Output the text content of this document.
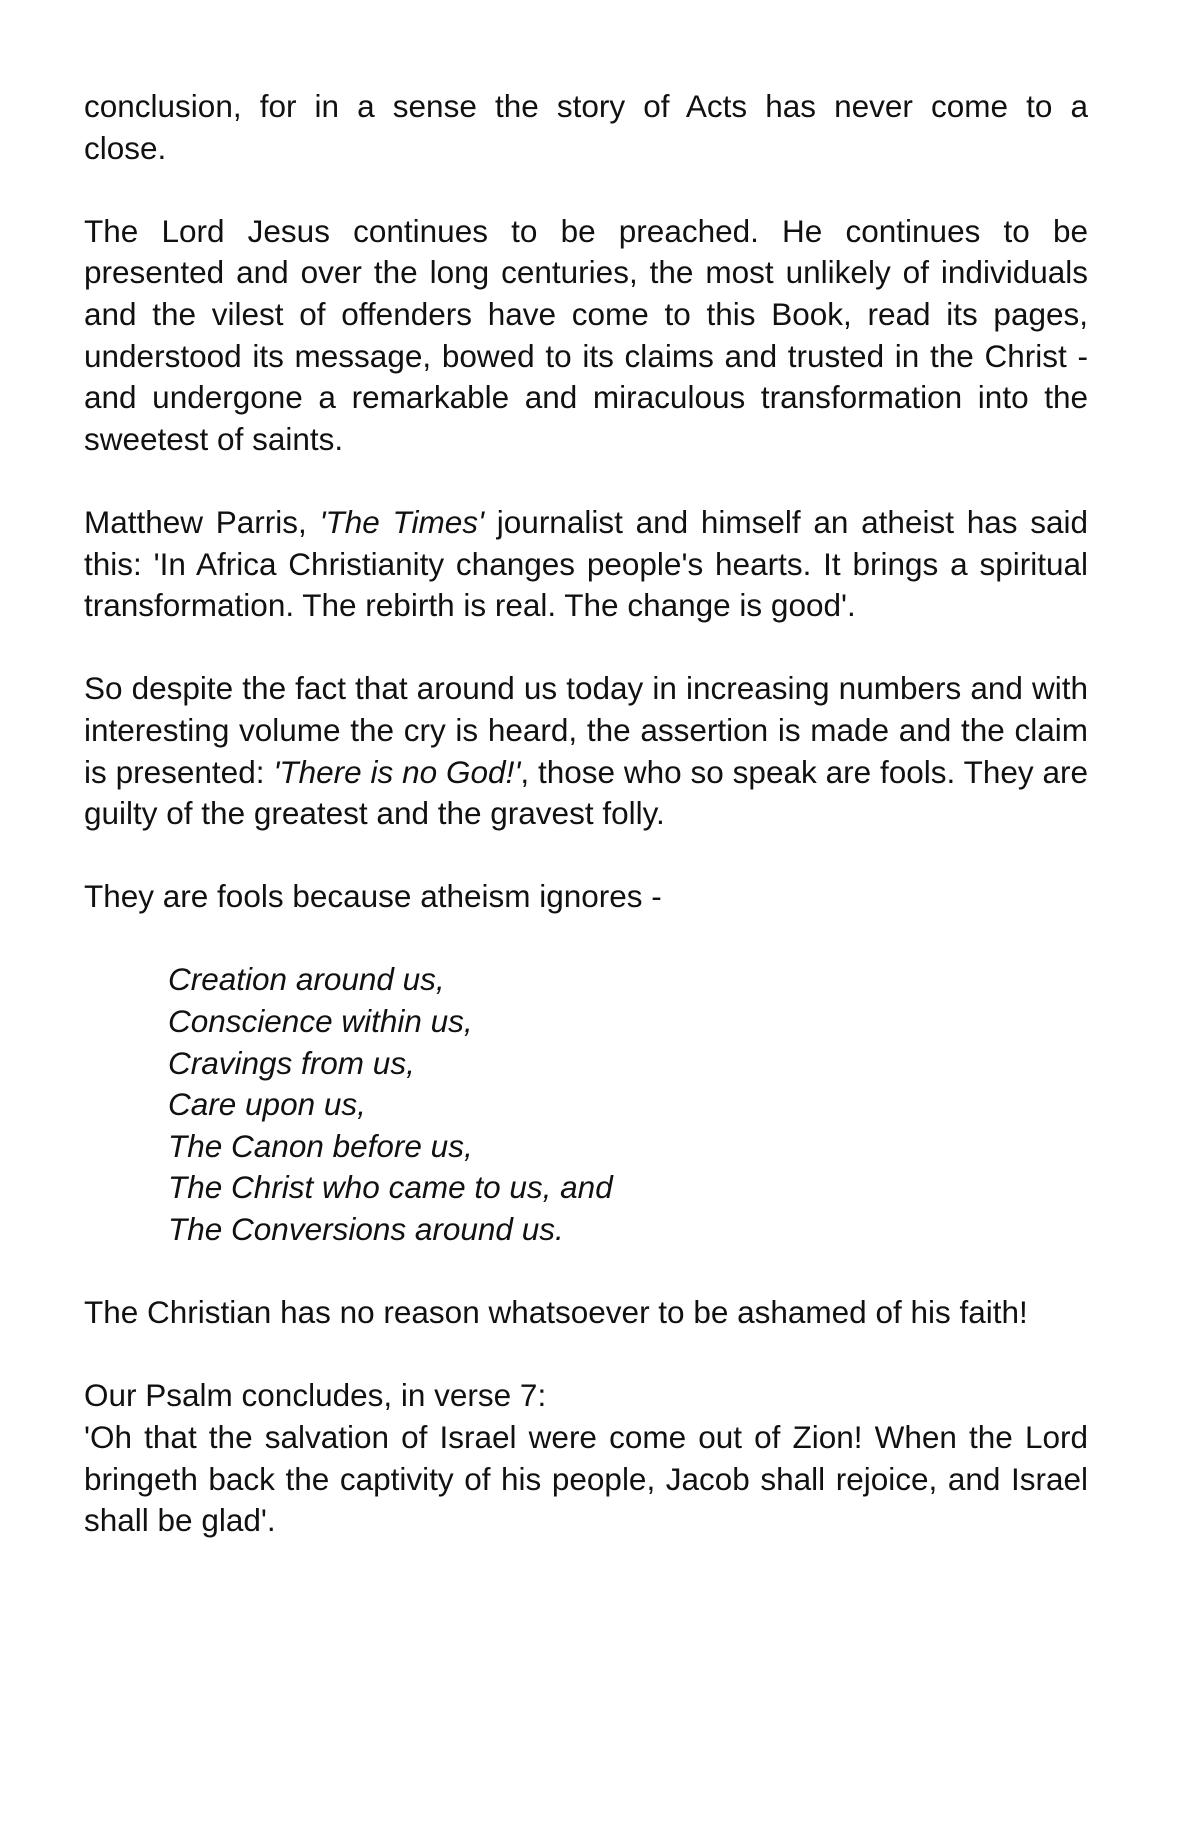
conclusion, for in a sense the story of Acts has never come to a
close.

The Lord Jesus continues to be preached. He continues to be presented and over the long centuries, the most unlikely of individuals and the vilest of offenders have come to this Book, read its pages, understood its message, bowed to its claims and trusted in the Christ - and undergone a remarkable and miraculous transformation into the sweetest of saints.

Matthew Parris, 'The Times' journalist and himself an atheist has said this: 'In Africa Christianity changes people's hearts. It brings a spiritual transformation. The rebirth is real. The change is good'.

So despite the fact that around us today in increasing numbers and with interesting volume the cry is heard, the assertion is made and the claim is presented: 'There is no God!', those who so speak are fools. They are guilty of the greatest and the gravest folly.

They are fools because atheism ignores -

Creation around us,
Conscience within us,
Cravings from us,
Care upon us,
The Canon before us,
The Christ who came to us, and
The Conversions around us.

The Christian has no reason whatsoever to be ashamed of his faith!

Our Psalm concludes, in verse 7:
'Oh that the salvation of Israel were come out of Zion! When the Lord bringeth back the captivity of his people, Jacob shall rejoice, and Israel shall be glad'.
